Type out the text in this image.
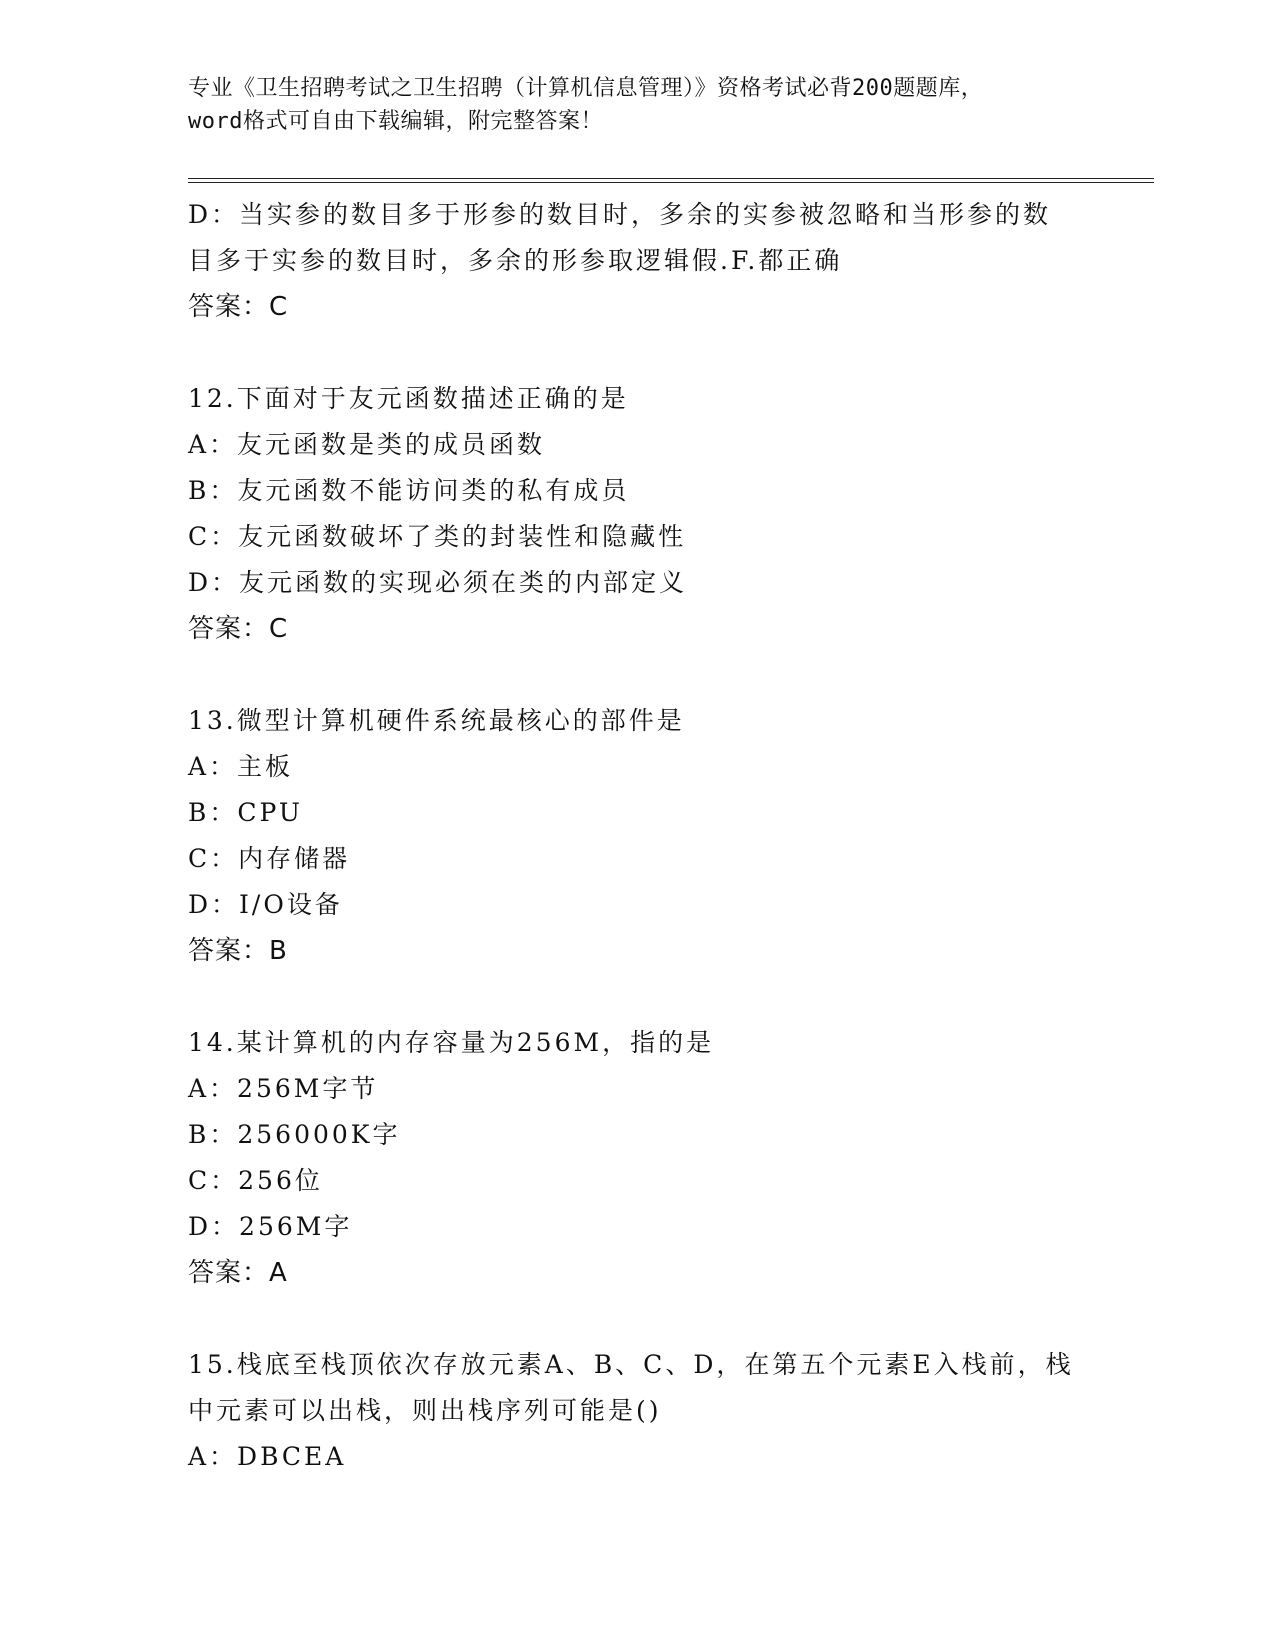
专业《卫生招聘考试之卫生招聘（计算机信息管理）》资格考试必背200题题库，
word格式可自由下载编辑，附完整答案！
D：当实参的数目多于形参的数目时，多余的实参被忽略和当形参的数
目多于实参的数目时，多余的形参取逻辑假.F.都正确
答案：C
12.下面对于友元函数描述正确的是
A：友元函数是类的成员函数
B：友元函数不能访问类的私有成员
C：友元函数破坏了类的封装性和隐藏性
D：友元函数的实现必须在类的内部定义
答案：C
13.微型计算机硬件系统最核心的部件是
A：主板
B：CPU
C：内存储器
D：I/O设备
答案：B
14.某计算机的内存容量为256M，指的是
A：256M字节
B：256000K字
C：256位
D：256M字
答案：A
15.栈底至栈顶依次存放元素A、B、C、D，在第五个元素E入栈前，栈
中元素可以出栈，则出栈序列可能是()
A：DBCEA
